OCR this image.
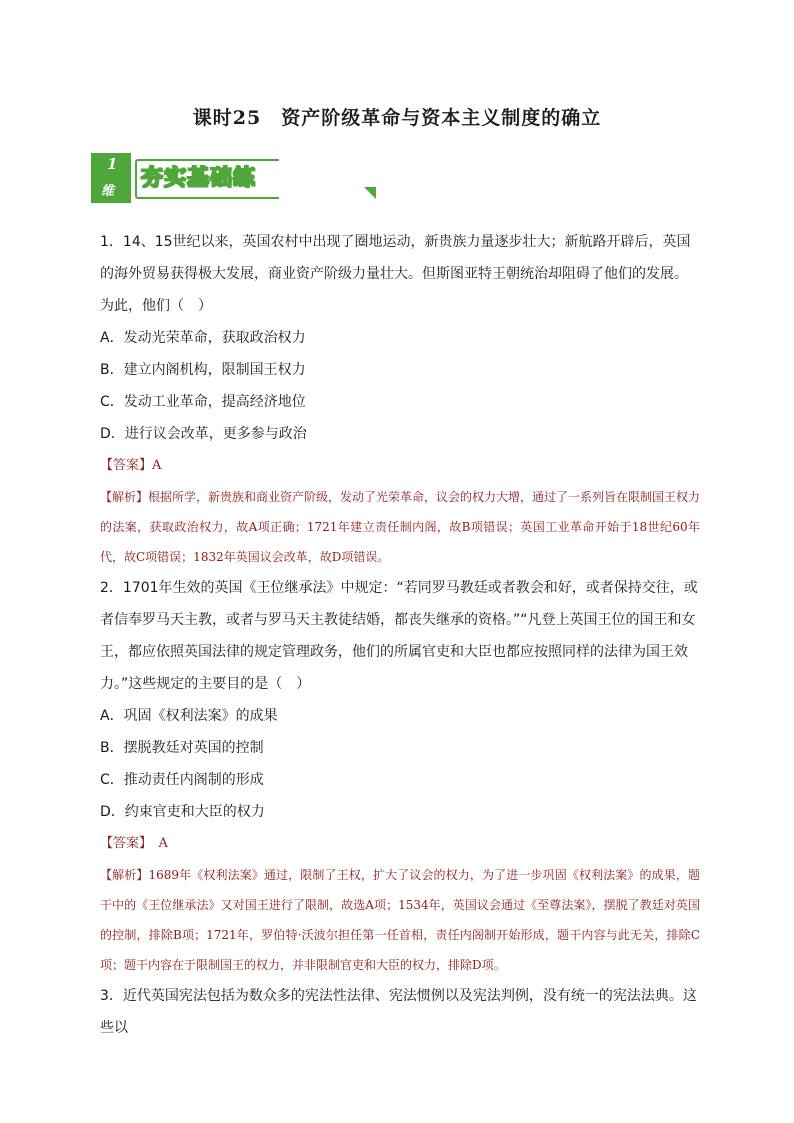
课时25　资产阶级革命与资本主义制度的确立
1
维
夯实基础练

1．14、15世纪以来，英国农村中出现了圈地运动，新贵族力量逐步壮大；新航路开辟后，英国的海外贸易获得极大发展，商业资产阶级力量壮大。但斯图亚特王朝统治却阻碍了他们的发展。为此，他们（　）

A．发动光荣革命，获取政治权力

B．建立内阁机构，限制国王权力

C．发动工业革命，提高经济地位

D．进行议会改革，更多参与政治

【答案】A

【解析】根据所学，新贵族和商业资产阶级，发动了光荣革命，议会的权力大增，通过了一系列旨在限制国王权力的法案，获取政治权力，故A项正确；1721年建立责任制内阁，故B项错误；英国工业革命开始于18世纪60年代，故C项错误；1832年英国议会改革，故D项错误。

2．1701年生效的英国《王位继承法》中规定：“若同罗马教廷或者教会和好，或者保持交往，或者信奉罗马天主教，或者与罗马天主教徒结婚，都丧失继承的资格。”“凡登上英国王位的国王和女王，都应依照英国法律的规定管理政务，他们的所属官吏和大臣也都应按照同样的法律为国王效力。”这些规定的主要目的是（　）

A．巩固《权利法案》的成果

B．摆脱教廷对英国的控制

C．推动责任内阁制的形成

D．约束官吏和大臣的权力

【答案】　A

【解析】1689年《权利法案》通过，限制了王权，扩大了议会的权力，为了进一步巩固《权利法案》的成果，题干中的《王位继承法》又对国王进行了限制，故选A项；1534年，英国议会通过《至尊法案》，摆脱了教廷对英国的控制，排除B项；1721年，罗伯特·沃波尔担任第一任首相，责任内阁制开始形成，题干内容与此无关，排除C项；题干内容在于限制国王的权力，并非限制官吏和大臣的权力，排除D项。

3．近代英国宪法包括为数众多的宪法性法律、宪法惯例以及宪法判例，没有统一的宪法法典。这些以
